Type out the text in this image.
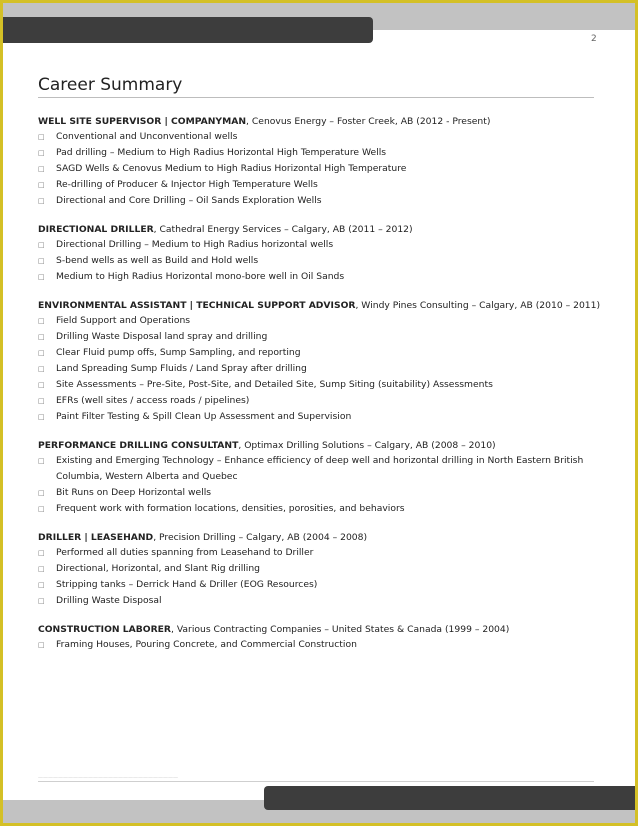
2
Career Summary
WELL SITE SUPERVISOR | COMPANYMAN, Cenovus Energy – Foster Creek, AB (2012 - Present)
□ Conventional and Unconventional wells
□ Pad drilling – Medium to High Radius Horizontal High Temperature Wells
□ SAGD Wells & Cenovus Medium to High Radius Horizontal High Temperature
□ Re-drilling of Producer & Injector High Temperature Wells
□ Directional and Core Drilling – Oil Sands Exploration Wells
DIRECTIONAL DRILLER, Cathedral Energy Services – Calgary, AB (2011 – 2012)
□ Directional Drilling – Medium to High Radius horizontal wells
□ S-bend wells as well as Build and Hold wells
□ Medium to High Radius Horizontal mono-bore well in Oil Sands
ENVIRONMENTAL ASSISTANT | TECHNICAL SUPPORT ADVISOR, Windy Pines Consulting – Calgary, AB (2010 – 2011)
□ Field Support and Operations
□ Drilling Waste Disposal land spray and drilling
□ Clear Fluid pump offs, Sump Sampling, and reporting
□ Land Spreading Sump Fluids / Land Spray after drilling
□ Site Assessments – Pre-Site, Post-Site, and Detailed Site, Sump Siting (suitability) Assessments
□ EFRs (well sites / access roads / pipelines)
□ Paint Filter Testing & Spill Clean Up Assessment and Supervision
PERFORMANCE DRILLING CONSULTANT, Optimax Drilling Solutions – Calgary, AB (2008 – 2010)
□ Existing and Emerging Technology – Enhance efficiency of deep well and horizontal drilling in North Eastern British Columbia, Western Alberta and Quebec
□ Bit Runs on Deep Horizontal wells
□ Frequent work with formation locations, densities, porosities, and behaviors
DRILLER | LEASEHAND, Precision Drilling – Calgary, AB (2004 – 2008)
□ Performed all duties spanning from Leasehand to Driller
□ Directional, Horizontal, and Slant Rig drilling
□ Stripping tanks – Derrick Hand & Driller (EOG Resources)
□ Drilling Waste Disposal
CONSTRUCTION LABORER, Various Contracting Companies – United States & Canada (1999 – 2004)
□ Framing Houses, Pouring Concrete, and Commercial Construction
————————————————————————————
